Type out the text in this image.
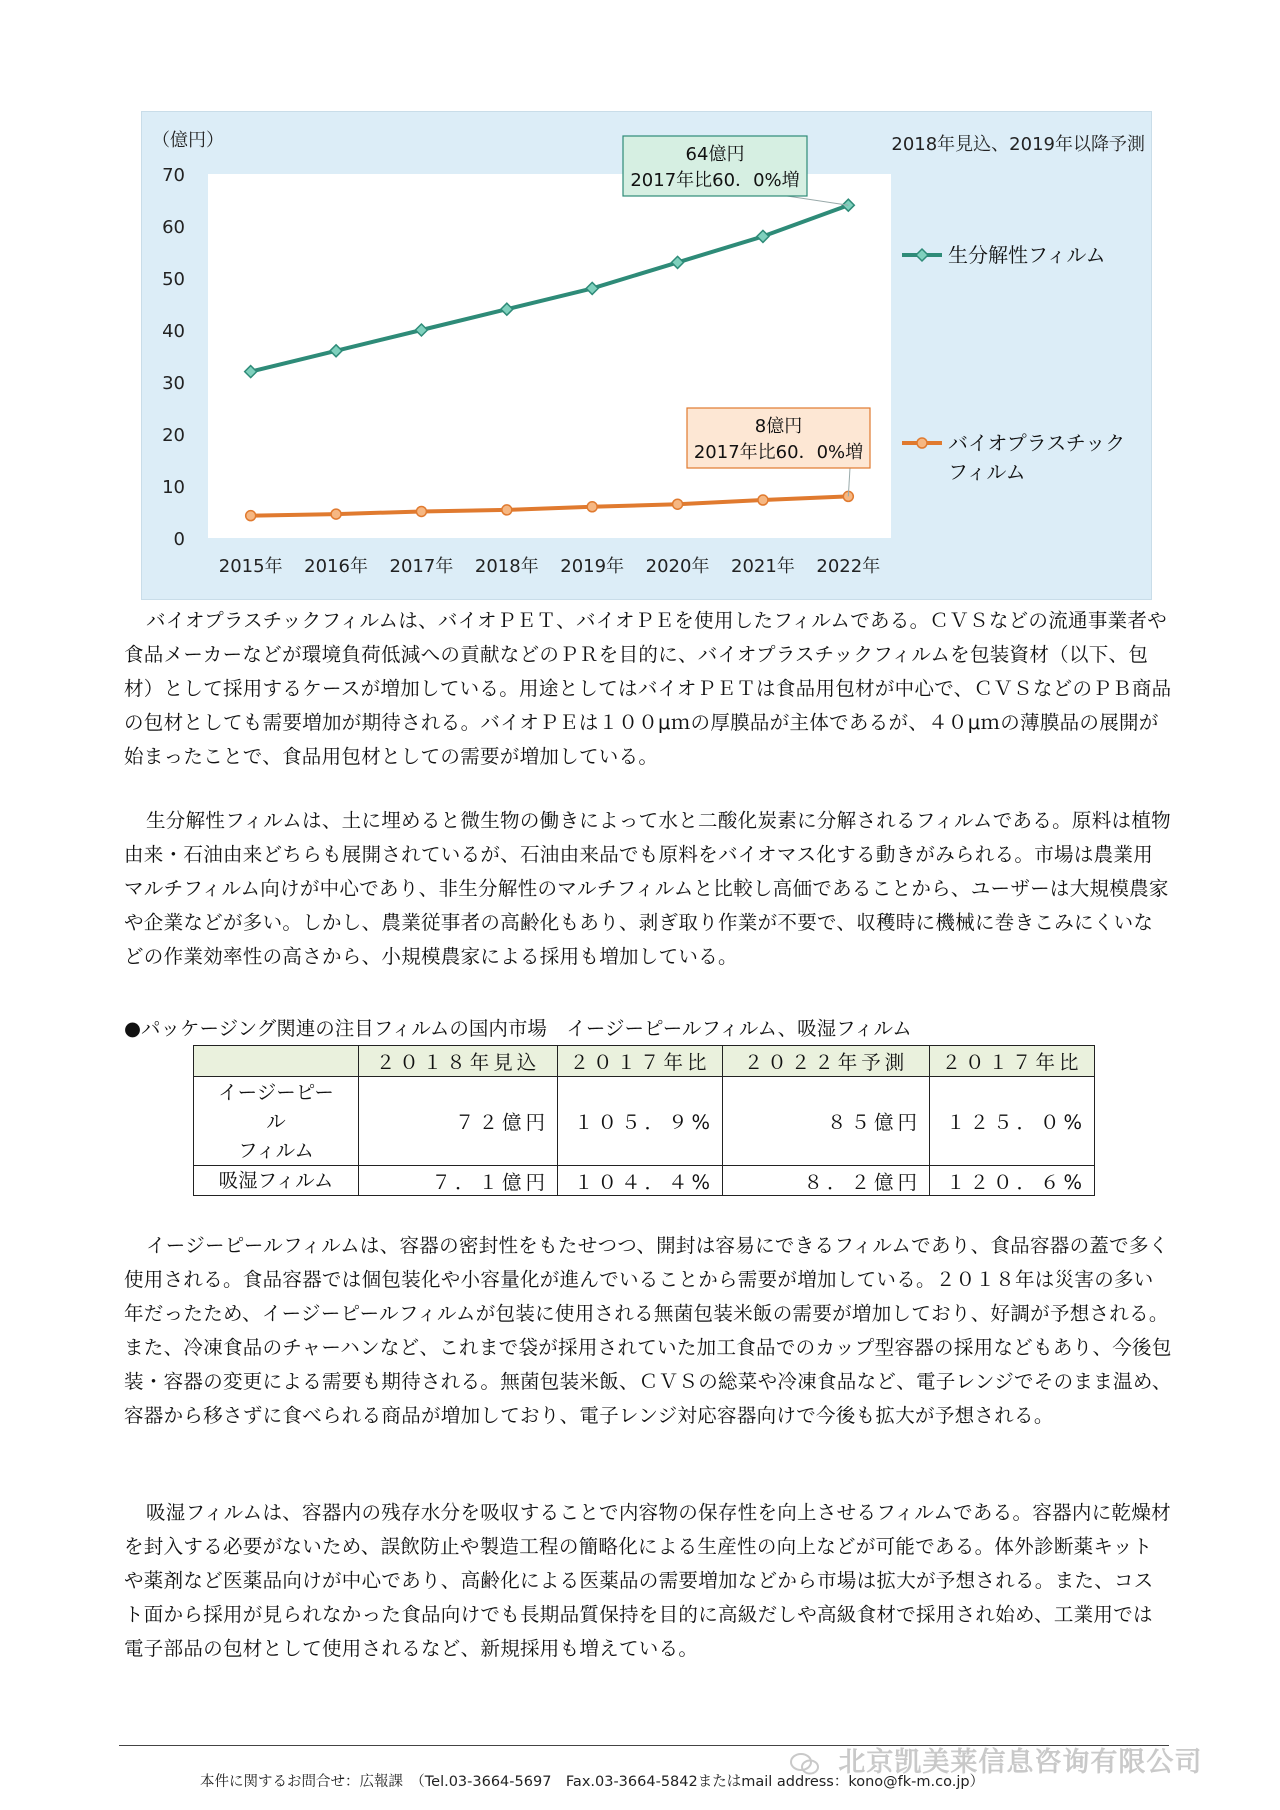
（億円）	2018年見込、2019年以降予測
0
10
20
30
40
50
60
70
2015年 2016年 2017年 2018年 2019年 2020年 2021年 2022年
64億円
2017年比60．0%増
8億円
2017年比60．0%増
生分解性フィルム
バイオプラスチック
フィルム

バイオプラスチックフィルムは、バイオＰＥＴ、バイオＰＥを使用したフィルムである。ＣＶＳなどの流通事業者や食品メーカーなどが環境負荷低減への貢献などのＰＲを目的に、バイオプラスチックフィルムを包装資材（以下、包材）として採用するケースが増加している。用途としてはバイオＰＥＴは食品用包材が中心で、ＣＶＳなどのＰＢ商品の包材としても需要増加が期待される。バイオＰＥは１００μｍの厚膜品が主体であるが、４０μｍの薄膜品の展開が始まったことで、食品用包材としての需要が増加している。

生分解性フィルムは、土に埋めると微生物の働きによって水と二酸化炭素に分解されるフィルムである。原料は植物由来・石油由来どちらも展開されているが、石油由来品でも原料をバイオマス化する動きがみられる。市場は農業用マルチフィルム向けが中心であり、非生分解性のマルチフィルムと比較し高価であることから、ユーザーは大規模農家や企業などが多い。しかし、農業従事者の高齢化もあり、剥ぎ取り作業が不要で、収穫時に機械に巻きこみにくいなどの作業効率性の高さから、小規模農家による採用も増加している。

●パッケージング関連の注目フィルムの国内市場　イージーピールフィルム、吸湿フィルム

	２０１８年見込	２０１７年比	２０２２年予測	２０１７年比

イージーピー
ル
フィルム	７２億円	１０５．９%	８５億円	１２５．０%

吸湿フィルム	７．１億円	１０４．４%	８．２億円	１２０．６%

イージーピールフィルムは、容器の密封性をもたせつつ、開封は容易にできるフィルムであり、食品容器の蓋で多く使用される。食品容器では個包装化や小容量化が進んでいることから需要が増加している。２０１８年は災害の多い年だったため、イージーピールフィルムが包装に使用される無菌包装米飯の需要が増加しており、好調が予想される。また、冷凍食品のチャーハンなど、これまで袋が採用されていた加工食品でのカップ型容器の採用などもあり、今後包装・容器の変更による需要も期待される。無菌包装米飯、ＣＶＳの総菜や冷凍食品など、電子レンジでそのまま温め、容器から移さずに食べられる商品が増加しており、電子レンジ対応容器向けで今後も拡大が予想される。

吸湿フィルムは、容器内の残存水分を吸収することで内容物の保存性を向上させるフィルムである。容器内に乾燥材を封入する必要がないため、誤飲防止や製造工程の簡略化による生産性の向上などが可能である。体外診断薬キットや薬剤など医薬品向けが中心であり、高齢化による医薬品の需要増加などから市場は拡大が予想される。また、コスト面から採用が見られなかった食品向けでも長期品質保持を目的に高級だしや高級食材で採用され始め、工業用では電子部品の包材として使用されるなど、新規採用も増えている。

本件に関するお問合せ：広報課　（Tel.03-3664-5697　Fax.03-3664-5842またはmail address：kono@fk-m.co.jp）

北京凯美莱信息咨询有限公司
